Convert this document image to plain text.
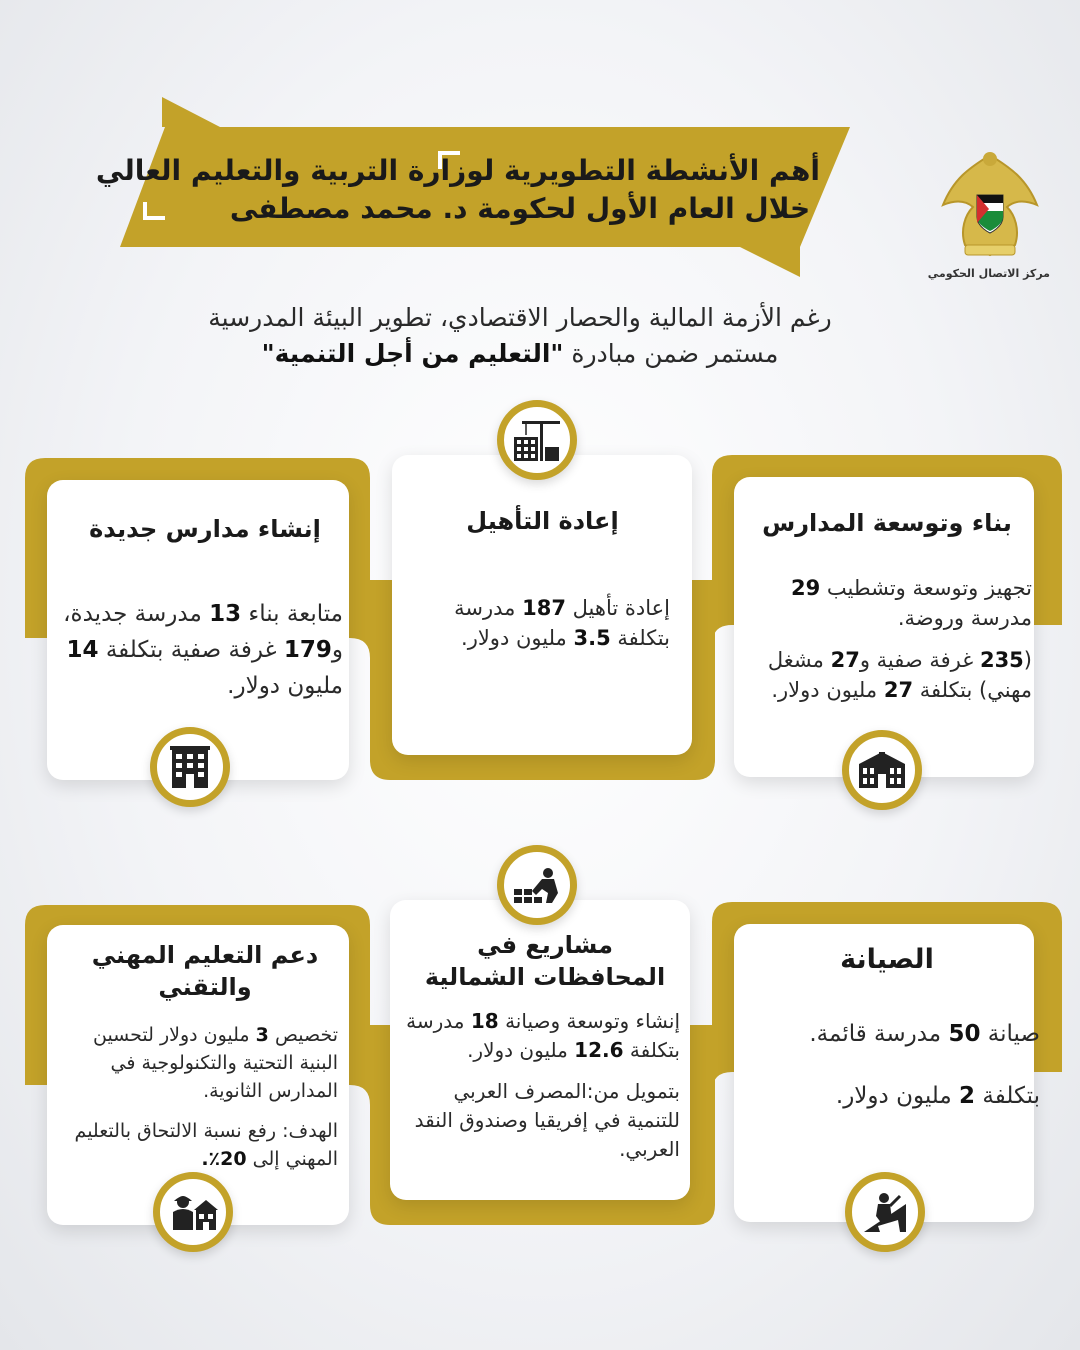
أهم الأنشطة التطويرية لوزارة التربية والتعليم العالي
خلال العام الأول لحكومة د. محمد مصطفى
مركز الاتصال الحكومي
رغم الأزمة المالية والحصار الاقتصادي، تطوير البيئة المدرسية
مستمر ضمن مبادرة "التعليم من أجل التنمية"
بناء وتوسعة المدارس

تجهيز وتوسعة وتشطيب 29 مدرسة وروضة.

(235 غرفة صفية و27 مشغل مهني) بتكلفة 27 مليون دولار.

إعادة التأهيل

إعادة تأهيل 187 مدرسة بتكلفة 3.5 مليون دولار.

إنشاء مدارس جديدة

متابعة بناء 13 مدرسة جديدة، و179 غرفة صفية بتكلفة 14 مليون دولار.

الصيانة

صيانة 50 مدرسة قائمة.

بتكلفة 2 مليون دولار.

مشاريع في
المحافظات الشمالية

إنشاء وتوسعة وصيانة 18 مدرسة بتكلفة 12.6 مليون دولار.

بتمويل من:المصرف العربي للتنمية في إفريقيا وصندوق النقد العربي.

دعم التعليم المهني
والتقني

تخصيص 3 مليون دولار لتحسين البنية التحتية والتكنولوجية في المدارس الثانوية.

الهدف: رفع نسبة الالتحاق بالتعليم المهني إلى 20٪.
